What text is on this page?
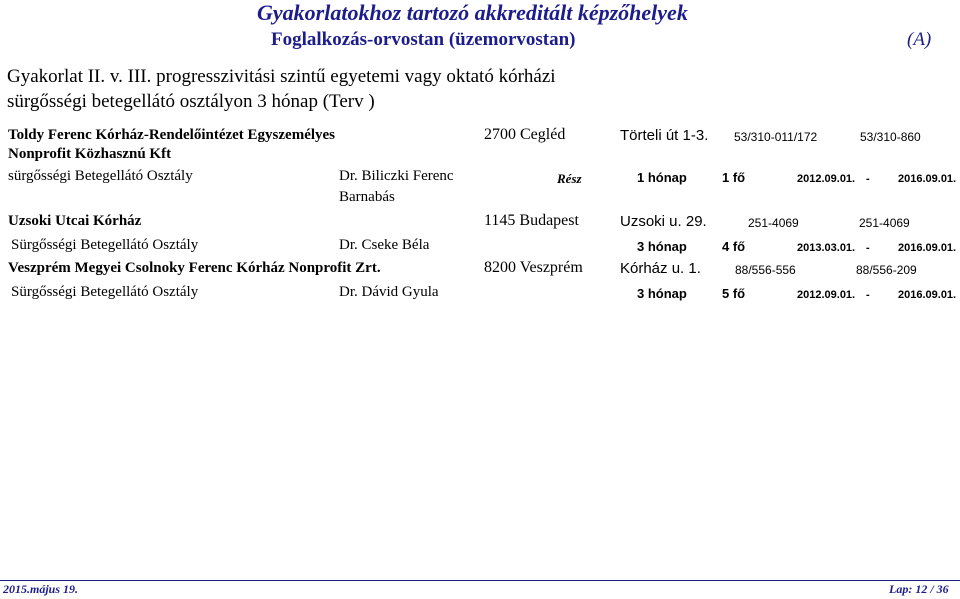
Gyakorlatokhoz tartozó akkreditált képzőhelyek
Foglalkozás-orvostan (üzemorvostan)	(A)
Gyakorlat II. v. III. progresszivitási szintű egyetemi vagy oktató kórházi
sürgősségi betegellátó osztályon 3 hónap (Terv )
Toldy Ferenc Kórház-Rendelőintézet Egyszemélyes
Nonprofit Közhasznú Kft
2700 Cegléd	Törteli út 1-3. 53/310-011/172	53/310-860
sürgősségi Betegellátó Osztály	Dr. Biliczki Ferenc
Barnabás
Rész	1 hónap	1 fő	2012.09.01. -	2016.09.01.
Uzsoki Utcai Kórház	1145 Budapest	Uzsoki u. 29.	251-4069	251-4069
Sürgősségi Betegellátó Osztály	Dr. Cseke Béla	3 hónap	4 fő	2013.03.01. -	2016.09.01.
Veszprém Megyei Csolnoky Ferenc Kórház Nonprofit Zrt.	8200 Veszprém Kórház u. 1.	88/556-556	88/556-209
Sürgősségi Betegellátó Osztály	Dr. Dávid Gyula	3 hónap	5 fő	2012.09.01. -	2016.09.01.
2015.május 19.	Lap: 12 / 36
